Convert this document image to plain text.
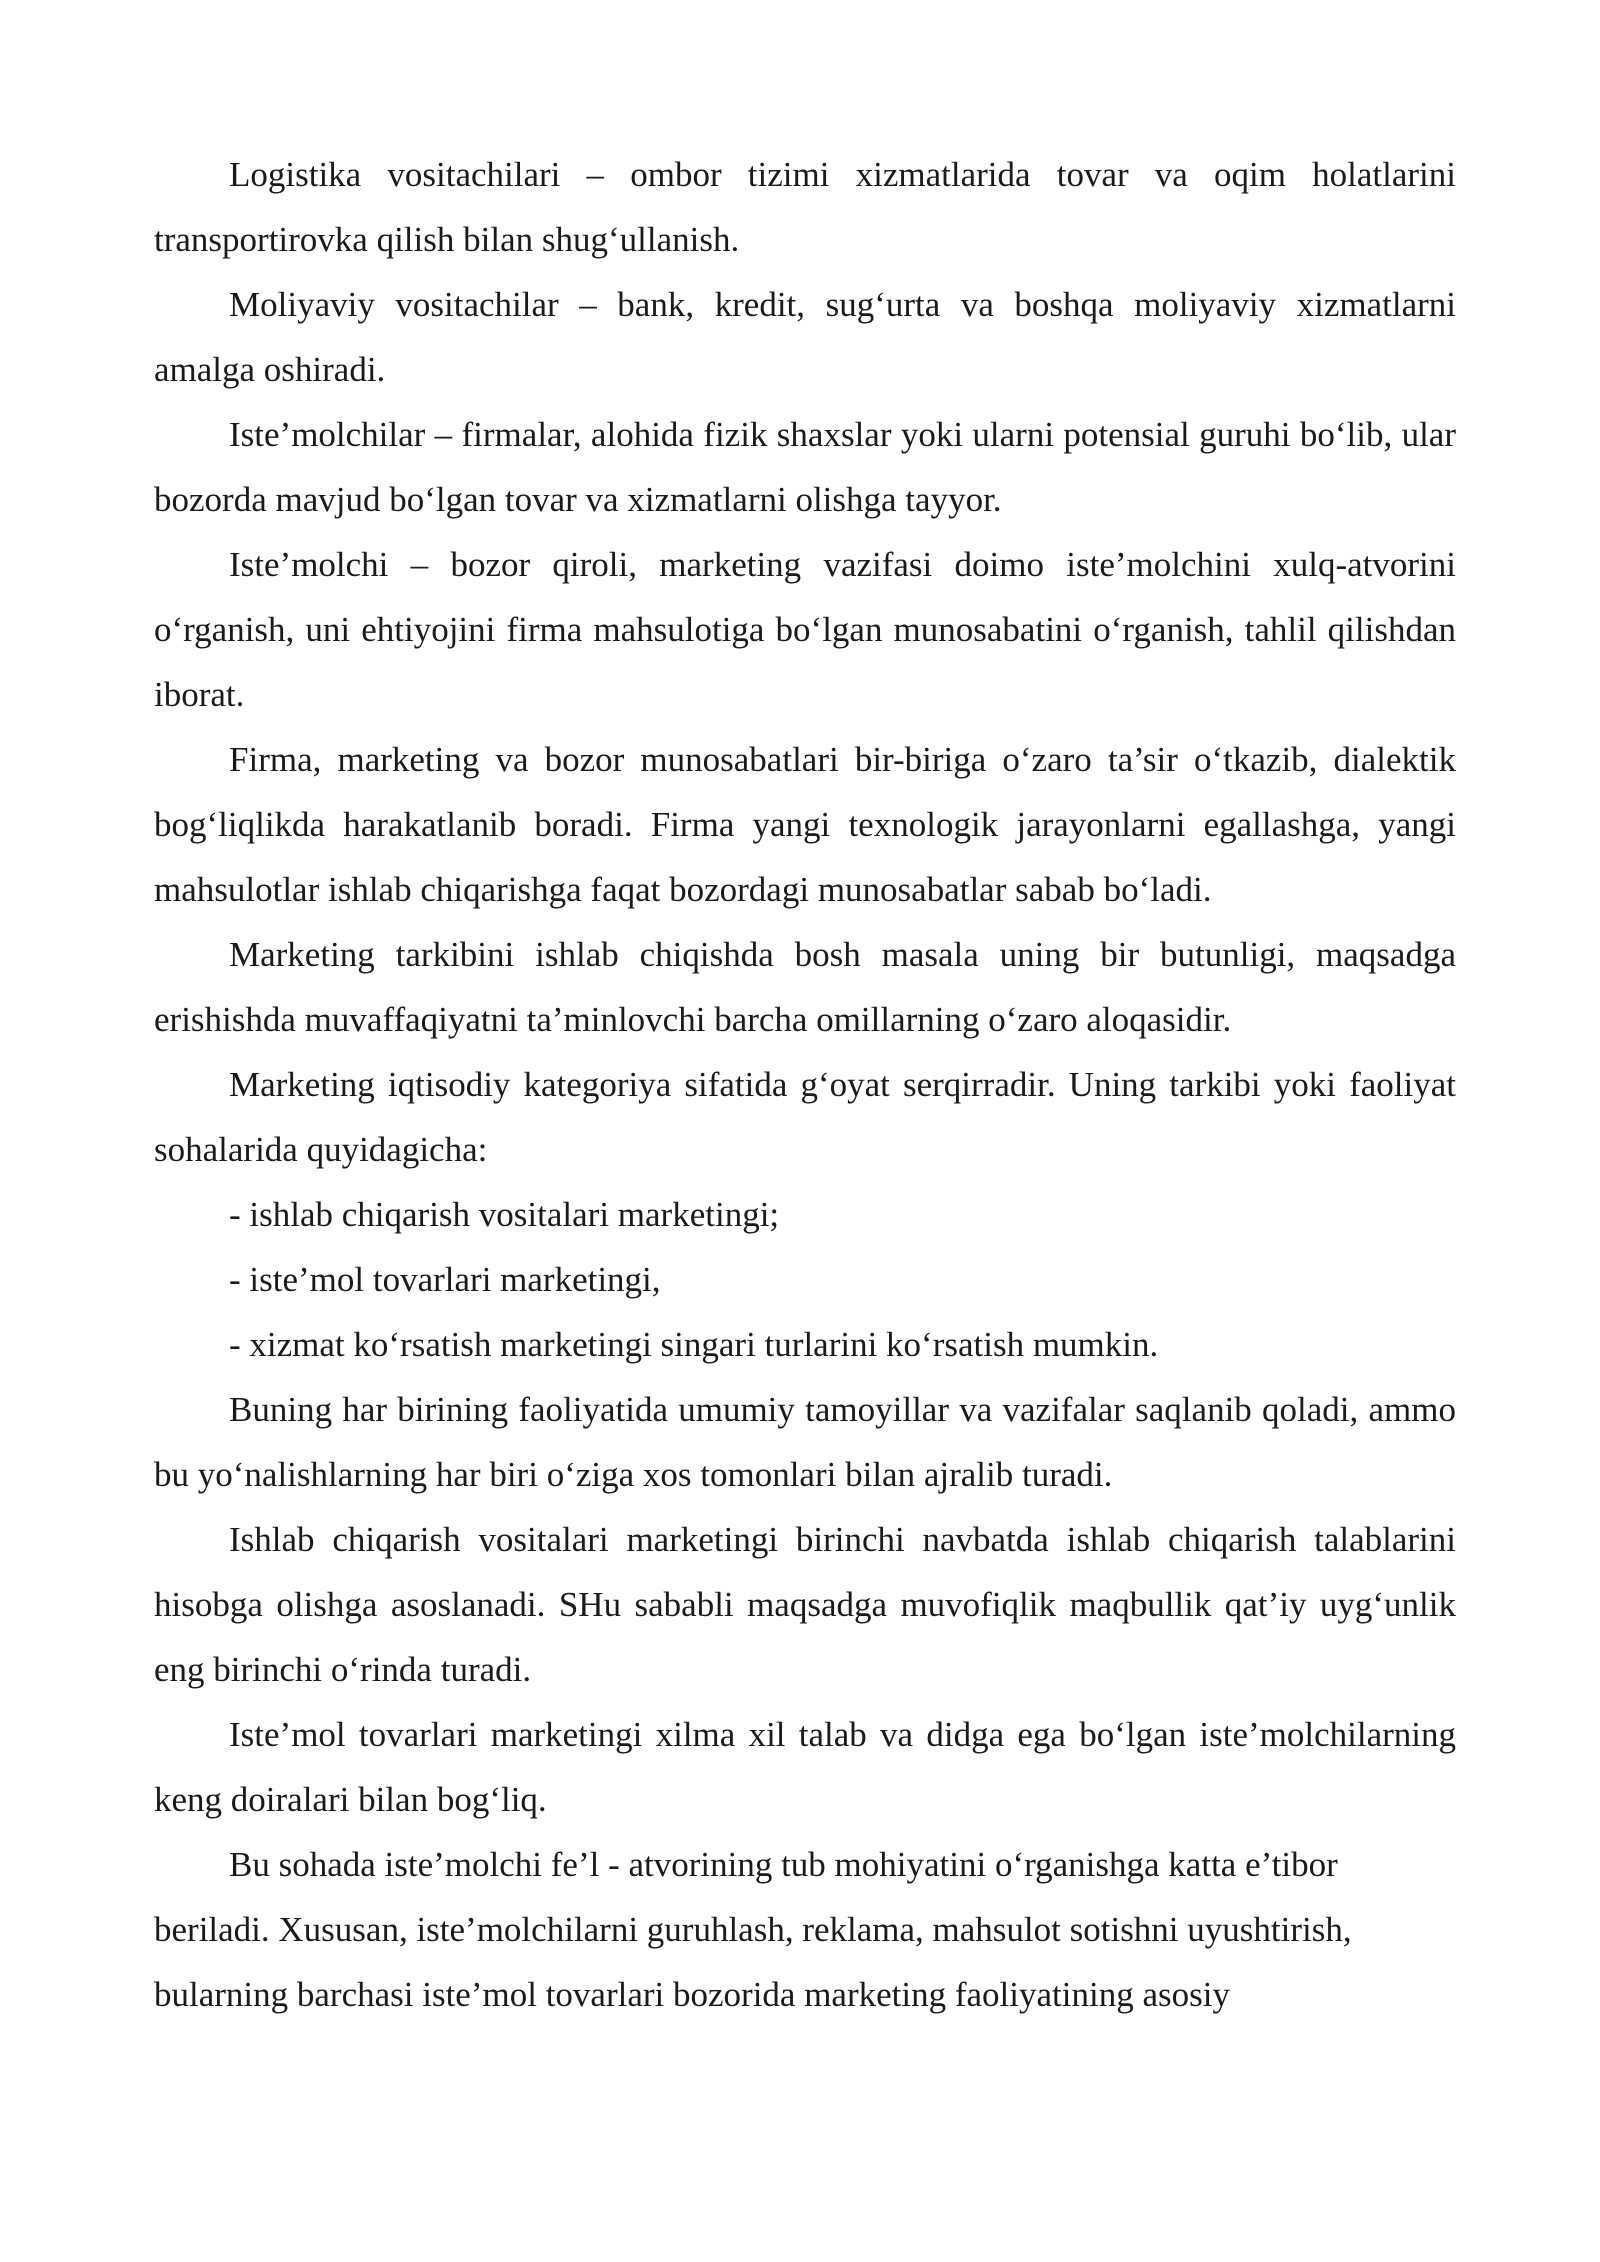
Logistika vositachilari – ombor tizimi xizmatlarida tovar va oqim holatlarini transportirovka qilish bilan shug‘ullanish.

Moliyaviy vositachilar – bank, kredit, sug‘urta va boshqa moliyaviy xizmatlarni amalga oshiradi.

Iste’molchilar – firmalar, alohida fizik shaxslar yoki ularni potensial guruhi bo‘lib, ular bozorda mavjud bo‘lgan tovar va xizmatlarni olishga tayyor.

Iste’molchi – bozor qiroli, marketing vazifasi doimo iste’molchini xulq-atvorini o‘rganish, uni ehtiyojini firma mahsulotiga bo‘lgan munosabatini o‘rganish, tahlil qilishdan iborat.

Firma, marketing va bozor munosabatlari bir-biriga o‘zaro ta’sir o‘tkazib, dialektik bog‘liqlikda harakatlanib boradi. Firma yangi texnologik jarayonlarni egallashga, yangi mahsulotlar ishlab chiqarishga faqat bozordagi munosabatlar sabab bo‘ladi.

Marketing tarkibini ishlab chiqishda bosh masala uning bir butunligi, maqsadga erishishda muvaffaqiyatni ta’minlovchi barcha omillarning o‘zaro aloqasidir.

Marketing iqtisodiy kategoriya sifatida g‘oyat serqirradir. Uning tarkibi yoki faoliyat sohalarida quyidagicha:

- ishlab chiqarish vositalari marketingi;

- iste’mol tovarlari marketingi,

- xizmat ko‘rsatish marketingi singari turlarini ko‘rsatish mumkin.

Buning har birining faoliyatida umumiy tamoyillar va vazifalar saqlanib qoladi, ammo bu yo‘nalishlarning har biri o‘ziga xos tomonlari bilan ajralib turadi.

Ishlab chiqarish vositalari marketingi birinchi navbatda ishlab chiqarish talablarini hisobga olishga asoslanadi. SHu sababli maqsadga muvofiqlik maqbullik qat’iy uyg‘unlik eng birinchi o‘rinda turadi.

Iste’mol tovarlari marketingi xilma xil talab va didga ega bo‘lgan iste’molchilarning keng doiralari bilan bog‘liq.

Bu sohada iste’molchi fe’l - atvorining tub mohiyatini o‘rganishga katta e’tibor beriladi. Xususan, iste’molchilarni guruhlash, reklama, mahsulot sotishni uyushtirish, bularning barchasi iste’mol tovarlari bozorida marketing faoliyatining asosiy
